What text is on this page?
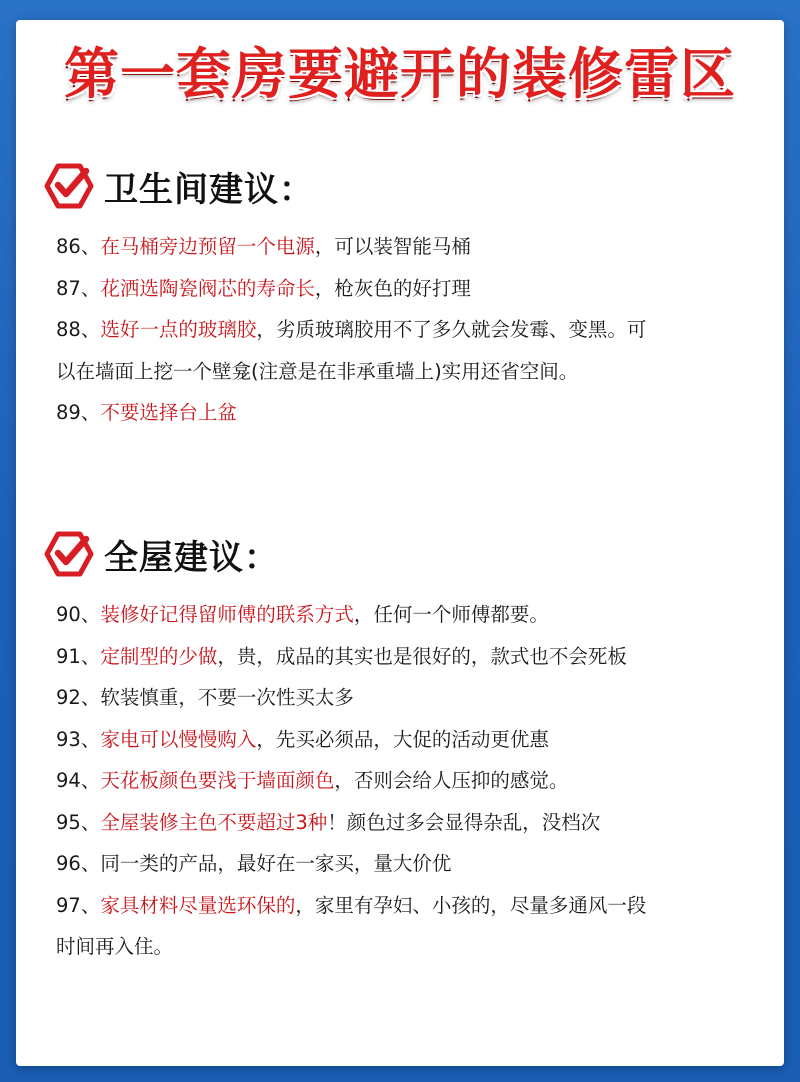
第一套房要避开的装修雷区
卫生间建议：
86、在马桶旁边预留一个电源，可以装智能马桶
87、花洒选陶瓷阀芯的寿命长，枪灰色的好打理
88、选好一点的玻璃胶，劣质玻璃胶用不了多久就会发霉、变黑。可
以在墙面上挖一个壁龛(注意是在非承重墙上)实用还省空间。
89、不要选择台上盆
全屋建议：
90、装修好记得留师傅的联系方式，任何一个师傅都要。
91、定制型的少做，贵，成品的其实也是很好的，款式也不会死板
92、软装慎重，不要一次性买太多
93、家电可以慢慢购入，先买必须品，大促的活动更优惠
94、天花板颜色要浅于墙面颜色，否则会给人压抑的感觉。
95、全屋装修主色不要超过3种！颜色过多会显得杂乱，没档次
96、同一类的产品，最好在一家买，量大价优
97、家具材料尽量选环保的，家里有孕妇、小孩的，尽量多通风一段
时间再入住。
